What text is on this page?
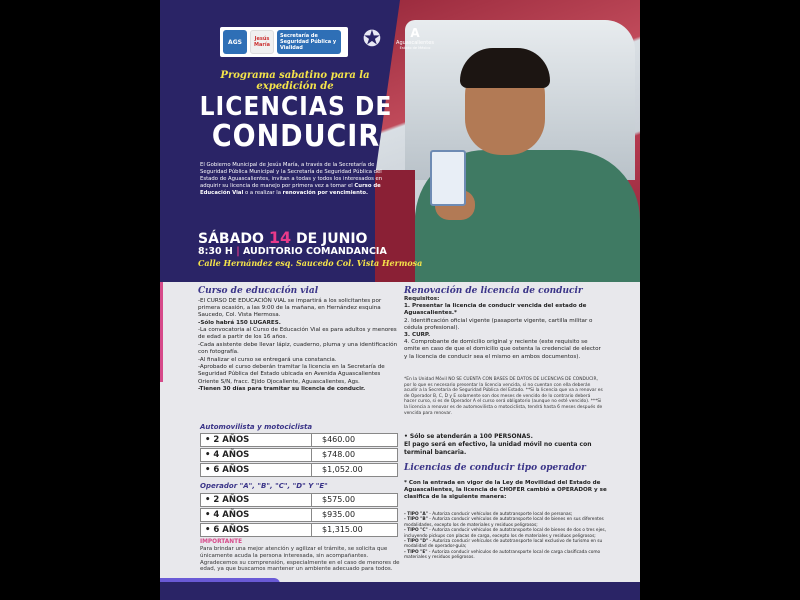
AGS	Jesús María
Secretaría de Seguridad Pública y Vialidad	✪	A
Aguascalientes
Estado de México
Programa sabatino para la expedición de
LICENCIAS DE
CONDUCIR
El Gobierno Municipal de Jesús María, a través de la Secretaría de Seguridad Pública Municipal y la Secretaría de Seguridad Pública del Estado de Aguascalientes, invitan a todas y todos los interesados en adquirir su licencia de manejo por primera vez a tomar el Curso de Educación Vial o a realizar la renovación por vencimiento.
SÁBADO 14 DE JUNIO
8:30 H | AUDITORIO COMANDANCIA
Calle Hernández esq. Saucedo Col. Vista Hermosa
Curso de educación vial

-El CURSO DE EDUCACIÓN VIAL se impartirá a los solicitantes por primera ocasión, a las 9:00 de la mañana, en Hernández esquina Saucedo, Col. Vista Hermosa.

-Sólo habrá 150 LUGARES.

-La convocatoria al Curso de Educación Vial es para adultos y menores de edad a partir de los 16 años.

-Cada asistente debe llevar lápiz, cuaderno, pluma y una identificación con fotografía.

-Al finalizar el curso se entregará una constancia.

-Aprobado el curso deberán tramitar la licencia en la Secretaría de Seguridad Pública del Estado ubicada en Avenida Aguascalientes Oriente S/N, fracc. Ejido Ojocaliente, Aguascalientes, Ags.

-Tienen 30 días para tramitar su licencia de conducir.

Automovilista y motociclista
• 2 AÑOS	$460.00
• 4 AÑOS	$748.00
• 6 AÑOS	$1,052.00
Operador "A", "B", "C", "D" Y "E"
• 2 AÑOS	$575.00
• 4 AÑOS	$935.00
• 6 AÑOS	$1,315.00
IMPORTANTE
Para brindar una mejor atención y agilizar el trámite, se solicita que únicamente acuda la persona interesada, sin acompañantes. Agradecemos su comprensión, especialmente en el caso de menores de edad, ya que buscamos mantener un ambiente adecuado para todos.
Renovación de licencia de conducir
Requisitos:
1. Presentar la licencia de conducir vencida del estado de Aguascalientes.*
2. Identificación oficial vigente (pasaporte vigente, cartilla militar o cédula profesional).
3. CURP.
4. Comprobante de domicilio original y reciente (este requisito se omite en caso de que el domicilio que ostenta la credencial de elector y la licencia de conducir sea el mismo en ambos documentos).
*En la Unidad Móvil NO SE CUENTA CON BASES DE DATOS DE LICENCIAS DE CONDUCIR, por lo que es necesario presentar la licencia vencida, si no cuentan con ella deberán acudir a la Secretaría de Seguridad Pública del Estado. **Si la licencia que va a renovar es de Operador B, C, D y E solamente son dos meses de vencido de lo contrario deberá hacer curso, si es de Operador A el curso será obligatorio (aunque no esté vencido). ***Si la licencia a renovar es de automovilista o motociclista, tendrá hasta 6 meses después de vencida para renovar.
• Sólo se atenderán a 100 PERSONAS.
El pago será en efectivo, la unidad móvil no cuenta con terminal bancaria.
Licencias de conducir tipo operador
* Con la entrada en vigor de la Ley de Movilidad del Estado de Aguascalientes, la licencia de CHOFER cambió a OPERADOR y se clasifica de la siguiente manera:
- TIPO "A" - Autoriza conducir vehículos de autotransporte local de personas;
- TIPO "B" - Autoriza conducir vehículos de autotransporte local de bienes en sus diferentes modalidades, excepto los de materiales y residuos peligrosos;
- TIPO "C" - Autoriza conducir vehículos de autotransporte local de bienes de dos o tres ejes, incluyendo pickups con placas de carga, excepto los de materiales y residuos peligrosos;
- TIPO "D" - Autoriza conducir vehículos de autotransporte local exclusivo de turismo en su modalidad de operador-guía;
- TIPO "E" - Autoriza conducir vehículos de autotransporte local de carga clasificada como materiales y residuos peligrosos.
